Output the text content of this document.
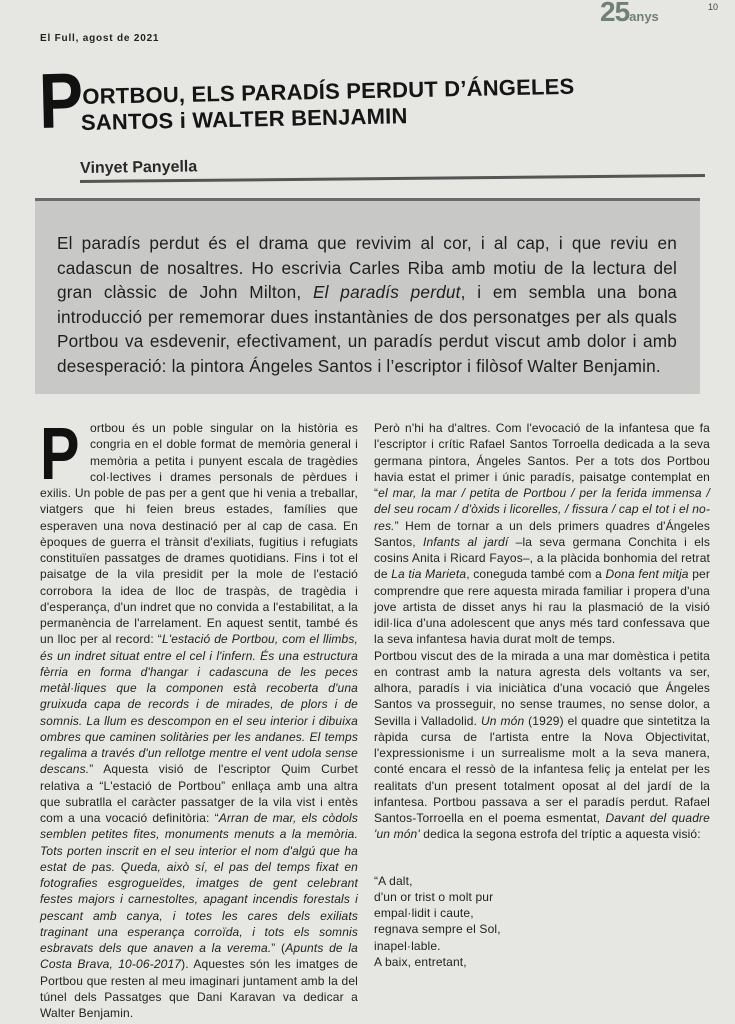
El Full, agost de 2021
25anys
10
P
ORTBOU, ELS PARADÍS PERDUT D’ÁNGELES
SANTOS i WALTER BENJAMIN
Vinyet Panyella

El paradís perdut és el drama que revivim al cor, i al cap, i que reviu en cadascun de nosaltres. Ho escrivia Carles Riba amb motiu de la lectura del gran clàssic de John Milton, El paradís perdut, i em sembla una bona introducció per rememorar dues instantànies de dos personatges per als quals Portbou va esdevenir, efectivament, un paradís perdut viscut amb dolor i amb desesperació: la pintora Ángeles Santos i l’escriptor i filòsof Walter Benjamin.

Portbou és un poble singular on la història es congria en el doble format de memòria general i memòria a petita i punyent escala de tragèdies col·lectives i drames personals de pèrdues i exilis. Un poble de pas per a gent que hi venia a treballar, viatgers que hi feien breus estades, famílies que esperaven una nova destinació per al cap de casa. En èpoques de guerra el trànsit d'exiliats, fugitius i refugiats constituïen passatges de drames quotidians. Fins i tot el paisatge de la vila presidit per la mole de l'estació corrobora la idea de lloc de traspàs, de tragèdia i d'esperança, d'un indret que no convida a l'estabilitat, a la permanència de l'arrelament. En aquest sentit, també és un lloc per al record: “L'estació de Portbou, com el llimbs, és un indret situat entre el cel i l'infern. És una estructura fèrria en forma d'hangar i cadascuna de les peces metàl·liques que la componen està recoberta d'una gruixuda capa de records i de mirades, de plors i de somnis. La llum es descompon en el seu interior i dibuixa ombres que caminen solitàries per les andanes. El temps regalima a través d'un rellotge mentre el vent udola sense descans.” Aquesta visió de l'escriptor Quim Curbet relativa a “L'estació de Portbou” enllaça amb una altra que subratlla el caràcter passatger de la vila vist i entès com a una vocació definitòria: “Arran de mar, els còdols semblen petites fites, monuments menuts a la memòria. Tots porten inscrit en el seu interior el nom d'algú que ha estat de pas. Queda, això sí, el pas del temps fixat en fotografies esgrogueïdes, imatges de gent celebrant festes majors i carnestoltes, apagant incendis forestals i pescant amb canya, i totes les cares dels exiliats traginant una esperança corroïda, i tots els somnis esbravats dels que anaven a la verema.” (Apunts de la Costa Brava, 10-06-2017). Aquestes són les imatges de Portbou que resten al meu imaginari juntament amb la del túnel dels Passatges que Dani Karavan va dedicar a Walter Benjamin.

Però n'hi ha d'altres. Com l'evocació de la infantesa que fa l'escriptor i crític Rafael Santos Torroella dedicada a la seva germana pintora, Ángeles Santos. Per a tots dos Portbou havia estat el primer i únic paradís, paisatge contemplat en “el mar, la mar / petita de Portbou / per la ferida immensa / del seu rocam / d'òxids i licorelles, / fissura / cap el tot i el no-res.” Hem de tornar a un dels primers quadres d'Ángeles Santos, Infants al jardí –la seva germana Conchita i els cosins Anita i Ricard Fayos–, a la plàcida bonhomia del retrat de La tia Marieta, coneguda també com a Dona fent mitja per comprendre que rere aquesta mirada familiar i propera d'una jove artista de disset anys hi rau la plasmació de la visió idil·lica d'una adolescent que anys més tard confessava que la seva infantesa havia durat molt de temps.

Portbou viscut des de la mirada a una mar domèstica i petita en contrast amb la natura agresta dels voltants va ser, alhora, paradís i via iniciàtica d'una vocació que Ángeles Santos va prosseguir, no sense traumes, no sense dolor, a Sevilla i Valladolid. Un món (1929) el quadre que sintetitza la ràpida cursa de l'artista entre la Nova Objectivitat, l'expressionisme i un surrealisme molt a la seva manera, conté encara el ressò de la infantesa feliç ja entelat per les realitats d'un present totalment oposat al del jardí de la infantesa. Portbou passava a ser el paradís perdut. Rafael Santos-Torroella en el poema esmentat, Davant del quadre 'un món' dedica la segona estrofa del tríptic a aquesta visió:

“A dalt,
d'un or trist o molt pur
empal·lidit i caute,
regnava sempre el Sol,
inapel·lable.
A baix, entretant,
